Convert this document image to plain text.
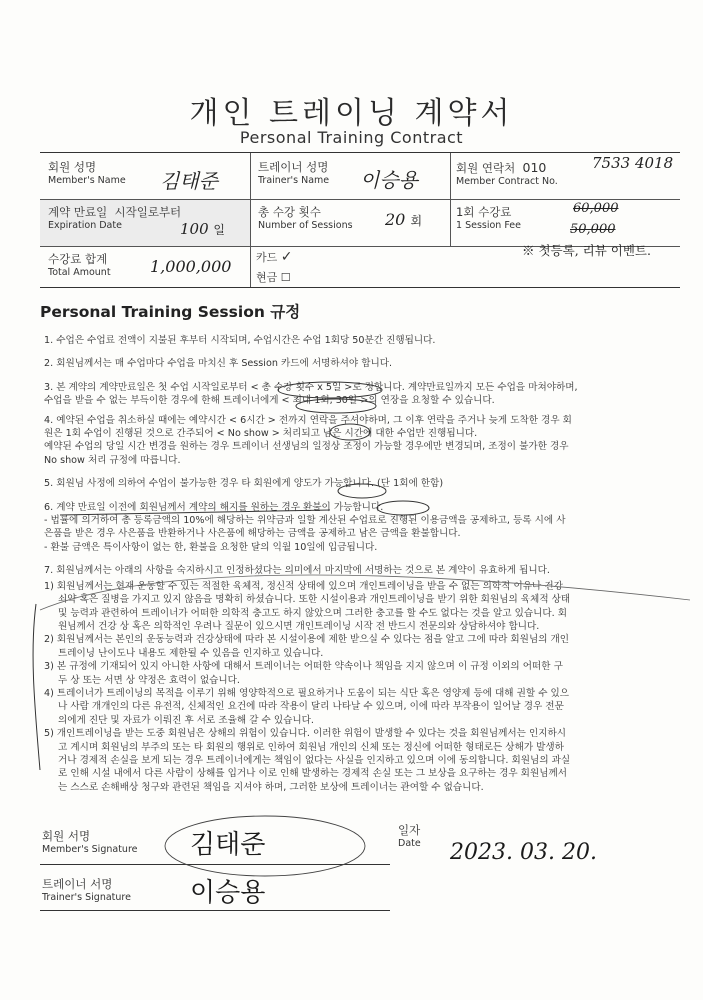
개인 트레이닝 계약서
Personal Training Contract
회원 성명
Member's Name 김태준
트레이너 성명
Trainer's Name 이승용	회원 연락처 010
Member Contract No.
7533 4018
계약 만료일 시작일로부터
Expiration Date	100 일
총 수강 횟수
Number of Sessions 20 회
1회 수강료
1 Session Fee
60,000
50,000
수강료 합계
Total Amount 1,000,000 카드 ✓
현금 ☐
※ 첫등록, 리뷰 이벤트.
Personal Training Session 규정

1. 수업은 수업료 전액이 지불된 후부터 시작되며, 수업시간은 수업 1회당 50분간 진행됩니다.

2. 회원님께서는 매 수업마다 수업을 마치신 후 Session 카드에 서명하셔야 합니다.

3. 본 계약의 계약만료일은 첫 수업 시작일로부터 < 총 수강 횟수 x 5일 >로 정합니다. 계약만료일까지 모든 수업을 마쳐야하며,
수업을 받을 수 없는 부득이한 경우에 한해 트레이너에게 < 최대 1회, 30일 >의 연장을 요청할 수 있습니다.

4. 예약된 수업을 취소하실 때에는 예약시간 < 6시간 > 전까지 연락을 주셔야하며, 그 이후 연락을 주거나 늦게 도착한 경우 회
원은 1회 수업이 진행된 것으로 간주되어 < No show > 처리되고 남은 시간에 대한 수업만 진행됩니다.
예약된 수업의 당일 시간 변경을 원하는 경우 트레이너 선생님의 일정상 조정이 가능할 경우에만 변경되며, 조정이 불가한 경우
No show 처리 규정에 따릅니다.

5. 회원님 사정에 의하여 수업이 불가능한 경우 타 회원에게 양도가 가능합니다. (단 1회에 한함)

6. 계약 만료일 이전에 회원님께서 계약의 해지를 원하는 경우 환불이 가능합니다.
- 법률에 의거하여 총 등록금액의 10%에 해당하는 위약금과 일할 계산된 수업료로 진행된 이용금액을 공제하고, 등록 시에 사
은품을 받은 경우 사은품을 반환하거나 사은품에 해당하는 금액을 공제하고 남은 금액을 환불합니다.
- 환불 금액은 특이사항이 없는 한, 환불을 요청한 달의 익월 10일에 입금됩니다.

7. 회원님께서는 아래의 사항을 숙지하시고 인정하셨다는 의미에서 마지막에 서명하는 것으로 본 계약이 유효하게 됩니다.

1) 회원님께서는 현재 운동할 수 있는 적절한 육체적, 정신적 상태에 있으며 개인트레이닝을 받을 수 없는 의학적 이유나 건강
쇠약 혹은 질병을 가지고 있지 않음을 명확히 하셨습니다. 또한 시설이용과 개인트레이닝을 받기 위한 회원님의 육체적 상태
및 능력과 관련하여 트레이너가 어떠한 의학적 충고도 하지 않았으며 그러한 충고를 할 수도 없다는 것을 알고 있습니다. 회
원님께서 건강 상 혹은 의학적인 우려나 질문이 있으시면 개인트레이닝 시작 전 반드시 전문의와 상담하셔야 합니다.
2) 회원님께서는 본인의 운동능력과 건강상태에 따라 본 시설이용에 제한 받으실 수 있다는 점을 알고 그에 따라 회원님의 개인
트레이닝 난이도나 내용도 제한될 수 있음을 인지하고 있습니다.
3) 본 규정에 기재되어 있지 아니한 사항에 대해서 트레이너는 어떠한 약속이나 책임을 지지 않으며 이 규정 이외의 어떠한 구
두 상 또는 서면 상 약정은 효력이 없습니다.
4) 트레이너가 트레이닝의 목적을 이루기 위해 영양학적으로 필요하거나 도움이 되는 식단 혹은 영양제 등에 대해 권할 수 있으
나 사람 개개인의 다른 유전적, 신체적인 요건에 따라 작용이 달리 나타날 수 있으며, 이에 따라 부작용이 일어날 경우 전문
의에게 진단 및 자료가 이뤄진 후 서로 조율해 갈 수 있습니다.
5) 개인트레이닝을 받는 도중 회원님은 상해의 위험이 있습니다. 이러한 위험이 발생할 수 있다는 것을 회원님께서는 인지하시
고 계시며 회원님의 부주의 또는 타 회원의 행위로 인하여 회원님 개인의 신체 또는 정신에 어떠한 형태로든 상해가 발생하
거나 경제적 손실을 보게 되는 경우 트레이너에게는 책임이 없다는 사실을 인지하고 있으며 이에 동의합니다. 회원님의 과실
로 인해 시설 내에서 다른 사람이 상해를 입거나 이로 인해 발생하는 경제적 손실 또는 그 보상을 요구하는 경우 회원님께서
는 스스로 손해배상 청구와 관련된 책임을 지셔야 하며, 그러한 보상에 트레이너는 관여할 수 없습니다.
회원 서명
Member's Signature 김태준
트레이너 서명
Trainer's Signature 이승용
일자
Date 2023. 03. 20.
